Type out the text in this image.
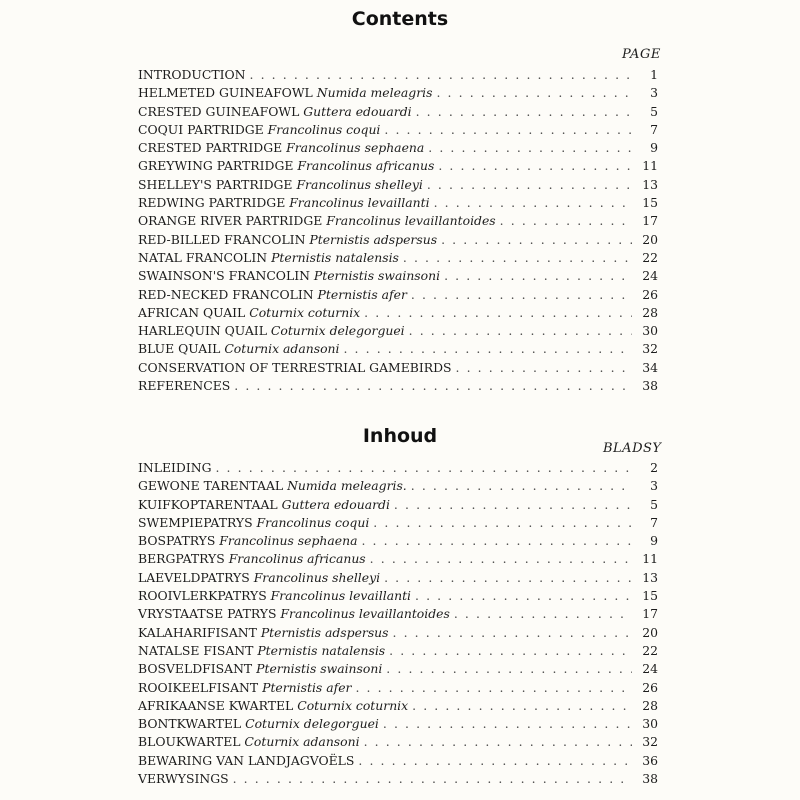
Contents
PAGE
INTRODUCTION . . .	1
HELMETED GUINEAFOWL Numida meleagris . . .	3
CRESTED GUINEAFOWL Guttera edouardi . . .	5
COQUI PARTRIDGE Francolinus coqui . . .	7
CRESTED PARTRIDGE Francolinus sephaena . . .	9
GREYWING PARTRIDGE Francolinus africanus . . .	11
SHELLEY'S PARTRIDGE Francolinus shelleyi . . .	13
REDWING PARTRIDGE Francolinus levaillanti . . .	15
ORANGE RIVER PARTRIDGE Francolinus levaillantoides . . .	17
RED-BILLED FRANCOLIN Pternistis adspersus . . .	20
NATAL FRANCOLIN Pternistis natalensis . . .	22
SWAINSON'S FRANCOLIN Pternistis swainsoni . . .	24
RED-NECKED FRANCOLIN Pternistis afer . . .	26
AFRICAN QUAIL Coturnix coturnix . . .	28
HARLEQUIN QUAIL Coturnix delegorguei . . .	30
BLUE QUAIL Coturnix adansoni . . .	32
CONSERVATION OF TERRESTRIAL GAMEBIRDS . . .	34
REFERENCES . . .	38
Inhoud
BLADSY
INLEIDING . . .	2
GEWONE TARENTAAL Numida meleagris. . . .	3
KUIFKOPTARENTAAL Guttera edouardi . . .	5
SWEMPIEPATRYS Francolinus coqui . . .	7
BOSPATRYS Francolinus sephaena . . .	9
BERGPATRYS Francolinus africanus . . .	11
LAEVELDPATRYS Francolinus shelleyi . . .	13
ROOIVLERKPATRYS Francolinus levaillanti . . .	15
VRYSTAATSE PATRYS Francolinus levaillantoides . . .	17
KALAHARIFISANT Pternistis adspersus . . .	20
NATALSE FISANT Pternistis natalensis . . .	22
BOSVELDFISANT Pternistis swainsoni . . .	24
ROOIKEELFISANT Pternistis afer . . .	26
AFRIKAANSE KWARTEL Coturnix coturnix . . .	28
BONTKWARTEL Coturnix delegorguei . . .	30
BLOUKWARTEL Coturnix adansoni . . .	32
BEWARING VAN LANDJAGVOËLS . . .	36
VERWYSINGS . . .	38
